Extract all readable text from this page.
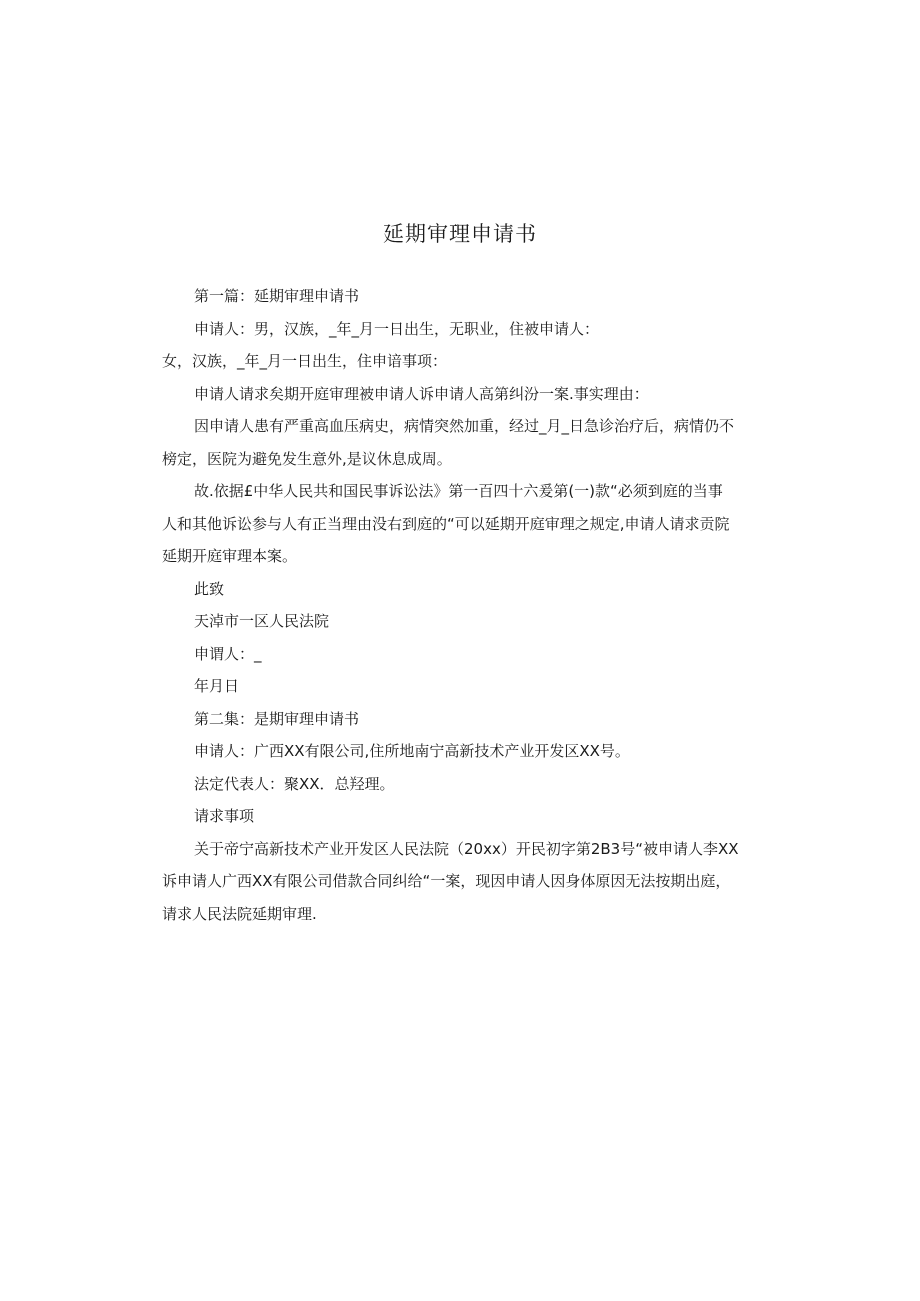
延期审理申请书

第一篇：延期审理申请书

申请人：男，汉族，_年_月一日出生，无职业，住被申请人：

女，汉族，_年_月一日出生，住申谙事项：

申请人请求矣期开庭审理被申请人诉申请人高第纠汾一案.事实理由：

因申请人患有严重高血压病史，病情突然加重，经过_月_日急诊治疗后，病情仍不

榜定，医院为避免发生意外,是议休息成周。

故.依据£中华人民共和国民事诉讼法》第一百四十六爰第(一)款“必须到庭的当事

人和其他诉讼参与人有正当理由没右到庭的“可以延期开庭审理之规定,申请人请求贡院

延期开庭审理本案。

此致

天淖市一区人民法院

申谓人：_

年月日

第二集：是期审理申请书

申请人：广西XX有限公司,住所地南宁高新技术产业开发区XX号。

法定代表人：聚XX．总羟理。

请求事项

关于帝宁高新技术产业开发区人民法院（20xx）开民初字第2B3号“被申请人李XX

诉申请人广西XX有限公司借款合同纠给“一案，现因申请人因身体原因无法按期出庭，

请求人民法院延期审理.
